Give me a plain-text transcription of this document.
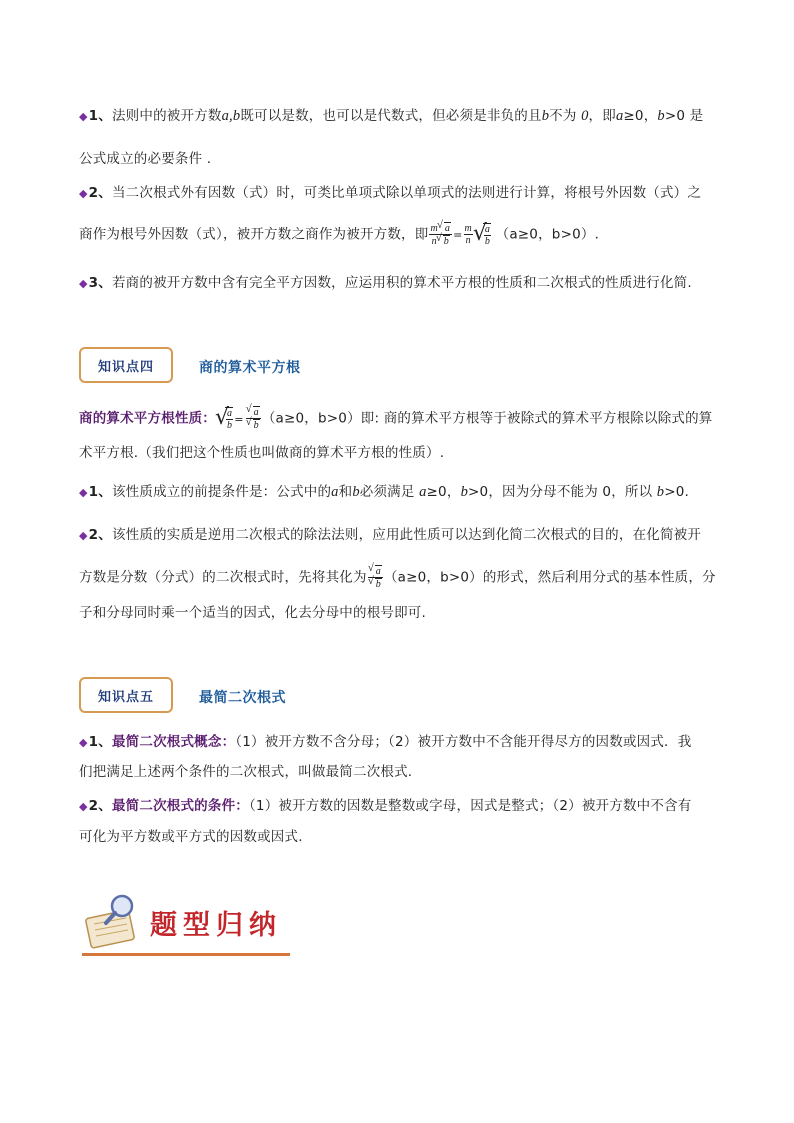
◆1、法则中的被开方数a,b既可以是数，也可以是代数式，但必须是非负的且b不为 0，即a≥0，b>0 是
公式成立的必要条件 .
◆2、当二次根式外有因数（式）时，可类比单项式除以单项式的法则进行计算，将根号外因数（式）之
商作为根号外因数（式），被开方数之商作为被开方数，即 $\frac{m √ a}{n √ b} = \frac{m}{n}$ √ $\frac{a}{b} (a\ge 0$，b>0）.
◆3、若商的被开方数中含有完全平方因数，应运用积的算术平方根的性质和二次根式的性质进行化简.
知识点四	商的算术平方根
商的算术平方根性质： √ $\frac{a}{b}$ = √ a
√ b （a≥0，b>0）即: 商的算术平方根等于被除式的算术平方根除以除式的算
术平方根.（我们把这个性质也叫做商的算术平方根的性质）.
◆1、该性质成立的前提条件是：公式中的a和b必须满足 a≥0，b>0，因为分母不能为 0，所以 b>0.
◆2、该性质的实质是逆用二次根式的除法法则，应用此性质可以达到化简二次根式的目的，在化简被开
方数是分数（分式）的二次根式时，先将其化为 √ a
√ b （a≥0，b>0）的形式，然后利用分式的基本性质，分
子和分母同时乘一个适当的因式，化去分母中的根号即可.
知识点五	最简二次根式
◆1、最简二次根式概念：（1）被开方数不含分母；（2）被开方数中不含能开得尽方的因数或因式．我
们把满足上述两个条件的二次根式，叫做最简二次根式.
◆2、最简二次根式的条件：（1）被开方数的因数是整数或字母，因式是整式；（2）被开方数中不含有
可化为平方数或平方式的因数或因式.
题型归纳
